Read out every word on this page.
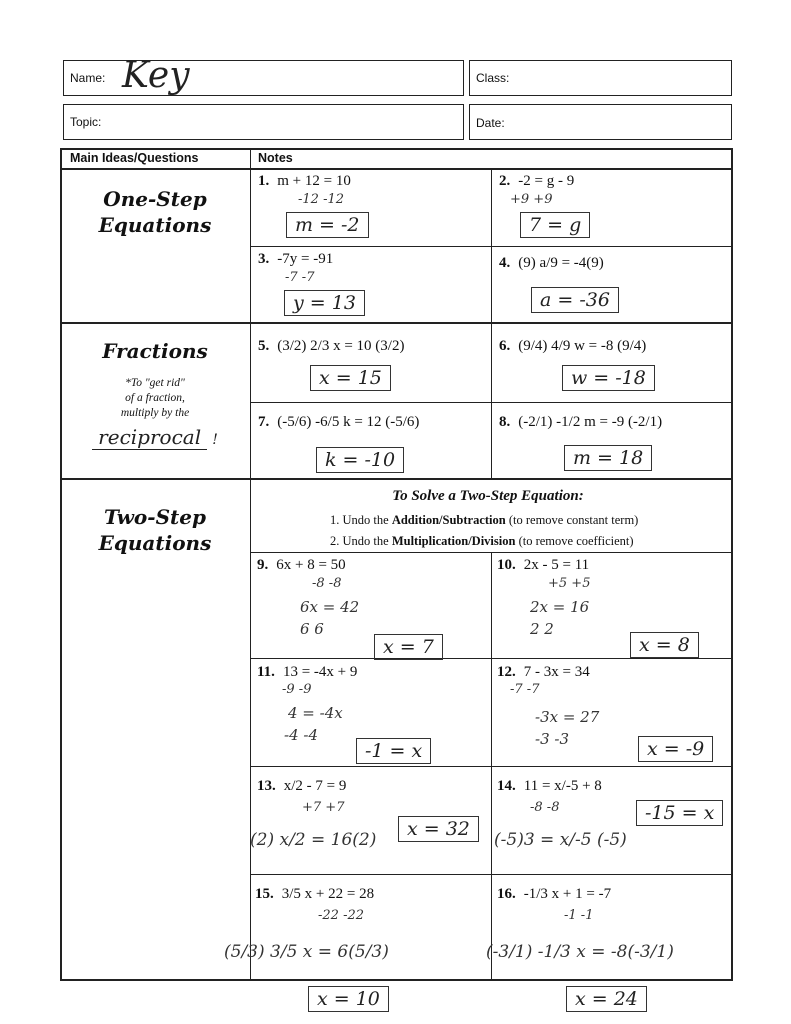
Name: Key	Class:
Topic:	Date:
Main Ideas/Questions	Notes
One-Step
Equations
Fractions
*To "get rid"
of a fraction,
multiply by the
reciprocal !
Two-Step
Equations
To Solve a Two-Step Equation:
1. Undo the Addition/Subtraction (to remove constant term)
2. Undo the Multiplication/Division (to remove coefficient)
1. m + 12 = 10
-12 -12
m = -2
2. -2 = g - 9
+9 +9
7 = g
3. -7y = -91
-7 -7
y = 13
4. (9) a/9 = -4(9)
a = -36
5. (3/2) 2/3 x = 10 (3/2)
x = 15
6. (9/4) 4/9 w = -8 (9/4)
w = -18
7. (-5/6) -6/5 k = 12 (-5/6)
k = -10
8. (-2/1) -1/2 m = -9 (-2/1)
m = 18
9. 6x + 8 = 50
-8 -8
6x = 42
6 6
x = 7
10. 2x - 5 = 11
+5 +5
2x = 16
2 2
x = 8
11. 13 = -4x + 9
-9 -9
4 = -4x
-4 -4
-1 = x
12. 7 - 3x = 34
-7 -7
-3x = 27
-3 -3	x = -9
13. x/2 - 7 = 9
+7 +7
(2) x/2 = 16(2)	x = 32
14. 11 = x/-5 + 8
-8 -8
(-5)3 = x/-5 (-5)
-15 = x
15. 3/5 x + 22 = 28
-22 -22
(5/3) 3/5 x = 6(5/3)
x = 10
16. -1/3 x + 1 = -7
-1 -1
(-3/1) -1/3 x = -8(-3/1)
x = 24
